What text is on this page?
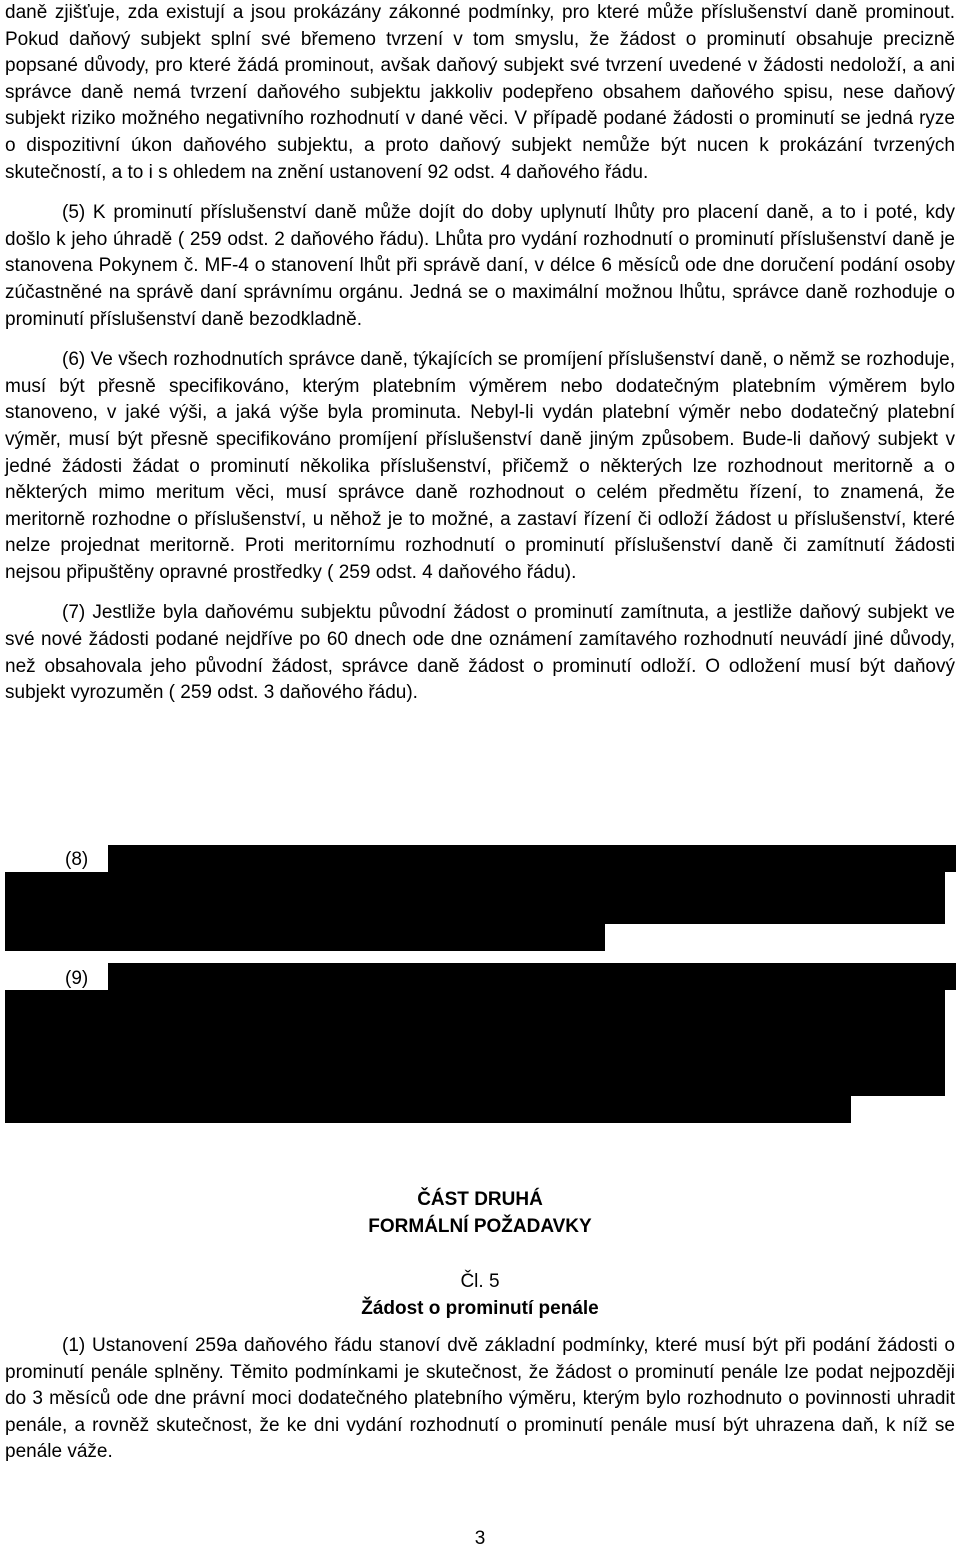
daně zjišťuje, zda existují a jsou prokázány zákonné podmínky, pro které může příslušenství daně prominout. Pokud daňový subjekt splní své břemeno tvrzení v tom smyslu, že žádost o prominutí obsahuje precizně popsané důvody, pro které žádá prominout, avšak daňový subjekt své tvrzení uvedené v žádosti nedoloží, a ani správce daně nemá tvrzení daňového subjektu jakkoliv podepřeno obsahem daňového spisu, nese daňový subjekt riziko možného negativního rozhodnutí v dané věci. V případě podané žádosti o prominutí se jedná ryze o dispozitivní úkon daňového subjektu, a proto daňový subjekt nemůže být nucen k prokázání tvrzených skutečností, a to i s ohledem na znění ustanovení 92 odst. 4 daňového řádu.

(5) K prominutí příslušenství daně může dojít do doby uplynutí lhůty pro placení daně, a to i poté, kdy došlo k jeho úhradě ( 259 odst. 2 daňového řádu). Lhůta pro vydání rozhodnutí o prominutí příslušenství daně je stanovena Pokynem č. MF-4 o stanovení lhůt při správě daní, v délce 6 měsíců ode dne doručení podání osoby zúčastněné na správě daní správnímu orgánu. Jedná se o maximální možnou lhůtu, správce daně rozhoduje o prominutí příslušenství daně bezodkladně.

(6) Ve všech rozhodnutích správce daně, týkajících se promíjení příslušenství daně, o němž se rozhoduje, musí být přesně specifikováno, kterým platebním výměrem nebo dodatečným platebním výměrem bylo stanoveno, v jaké výši, a jaká výše byla prominuta. Nebyl-li vydán platební výměr nebo dodatečný platební výměr, musí být přesně specifikováno promíjení příslušenství daně jiným způsobem. Bude-li daňový subjekt v jedné žádosti žádat o prominutí několika příslušenství, přičemž o některých lze rozhodnout meritorně a o některých mimo meritum věci, musí správce daně rozhodnout o celém předmětu řízení, to znamená, že meritorně rozhodne o příslušenství, u něhož je to možné, a zastaví řízení či odloží žádost u příslušenství, které nelze projednat meritorně. Proti meritornímu rozhodnutí o prominutí příslušenství daně či zamítnutí žádosti nejsou připuštěny opravné prostředky ( 259 odst. 4 daňového řádu).

(7) Jestliže byla daňovému subjektu původní žádost o prominutí zamítnuta, a jestliže daňový subjekt ve své nové žádosti podané nejdříve po 60 dnech ode dne oznámení zamítavého rozhodnutí neuvádí jiné důvody, než obsahovala jeho původní žádost, správce daně žádost o prominutí odloží. O odložení musí být daňový subjekt vyrozuměn ( 259 odst. 3 daňového řádu).

(8)
(9)

ČÁST DRUHÁ

FORMÁLNÍ POŽADAVKY

Čl. 5

Žádost o prominutí penále

(1) Ustanovení 259a daňového řádu stanoví dvě základní podmínky, které musí být při podání žádosti o prominutí penále splněny. Těmito podmínkami je skutečnost, že žádost o prominutí penále lze podat nejpozději do 3 měsíců ode dne právní moci dodatečného platebního výměru, kterým bylo rozhodnuto o povinnosti uhradit penále, a rovněž skutečnost, že ke dni vydání rozhodnutí o prominutí penále musí být uhrazena daň, k níž se penále váže.

3
